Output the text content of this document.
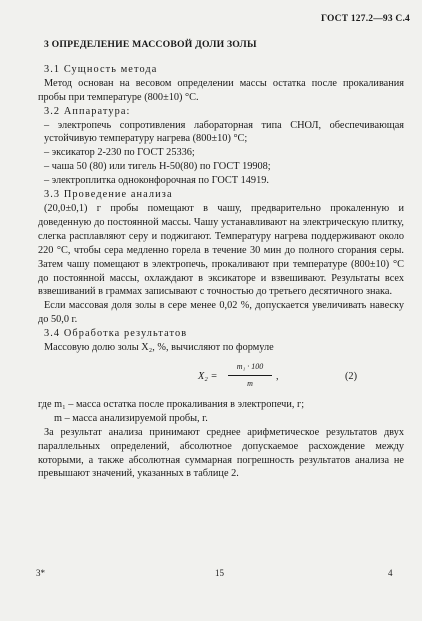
ГОСТ 127.2—93 С.4
3 ОПРЕДЕЛЕНИЕ МАССОВОЙ ДОЛИ ЗОЛЫ
3.1 Сущность метода

Метод основан на весовом определении массы остатка после прокаливания пробы при температуре (800±10) °С.

3.2 Аппаратура:

– электропечь сопротивления лабораторная типа СНОЛ, обеспечивающая устойчивую температуру нагрева (800±10) °С;

– эксикатор 2-230 по ГОСТ 25336;

– чаша 50 (80) или тигель Н-50(80) по ГОСТ 19908;

– электроплитка одноконфорочная по ГОСТ 14919.

3.3 Проведение анализа

(20,0±0,1) г пробы помещают в чашу, предварительно прокаленную и доведенную до постоянной массы. Чашу устанавливают на электрическую плитку, слегка расплавляют серу и поджигают. Температуру нагрева поддерживают около 220 °С, чтобы сера медленно горела в течение 30 мин до полного сгорания серы. Затем чашу помещают в электропечь, прокаливают при температуре (800±10) °С до постоянной массы, охлаждают в эксикаторе и взвешивают. Результаты всех взвешиваний в граммах записывают с точностью до третьего десятичного знака.

Если массовая доля золы в сере менее 0,02 %, допускается увеличивать навеску до 50,0 г.

3.4 Обработка результатов

Массовую долю золы X₂, %, вычисляют по формуле

$X_2 = \frac{\text{m₁ · 100}}{m}$ ,	(2)

где m₁ – масса остатка после прокаливания в электропечи, г;

m – масса анализируемой пробы, г.

За результат анализа принимают среднее арифметическое результатов двух параллельных определений, абсолютное допускаемое расхождение между которыми, а также абсолютная суммарная погрешность результатов анализа не превышают значений, указанных в таблице 2.

3*	15	4
